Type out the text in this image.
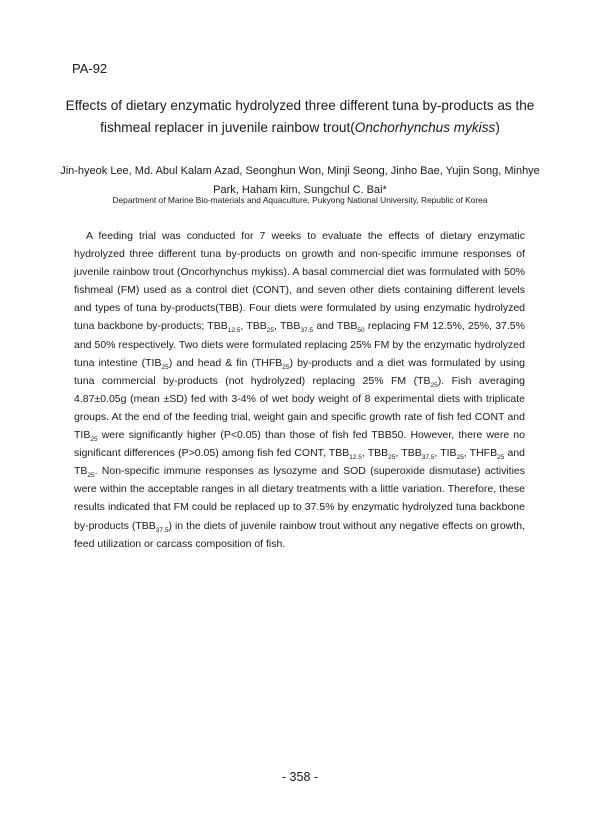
PA-92
Effects of dietary enzymatic hydrolyzed three different tuna by-products as the fishmeal replacer in juvenile rainbow trout(Onchorhynchus mykiss)
Jin-hyeok Lee, Md. Abul Kalam Azad, Seonghun Won, Minji Seong, Jinho Bae, Yujin Song, Minhye Park, Haham kim, Sungchul C. Bai*
Department of Marine Bio-materials and Aquaculture, Pukyong National University, Republic of Korea

A feeding trial was conducted for 7 weeks to evaluate the effects of dietary enzymatic hydrolyzed three different tuna by-products on growth and non-specific immune responses of juvenile rainbow trout (Oncorhynchus mykiss). A basal commercial diet was formulated with 50% fishmeal (FM) used as a control diet (CONT), and seven other diets containing different levels and types of tuna by-products(TBB). Four diets were formulated by using enzymatic hydrolyzed tuna backbone by-products; $TBB_{12.5}$, $TBB_{25}$, $TBB_{37.5}$ and $TBB_{50}$ replacing FM 12.5%, 25%, 37.5% and 50% respectively. Two diets were formulated replacing 25% FM by the enzymatic hydrolyzed tuna intestine $(TIB_{25})$ and head & fin $(THFB_{25})$ by-products and a diet was formulated by using tuna commercial by-products (not hydrolyzed) replacing 25% FM $(TB_{25})$. Fish averaging 4.87±0.05g (mean ±SD) fed with 3-4% of wet body weight of 8 experimental diets with triplicate groups. At the end of the feeding trial, weight gain and specific growth rate of fish fed CONT and $TIB_{25}$ were significantly higher (P<0.05) than those of fish fed TBB50. However, there were no significant differences (P>0.05) among fish fed CONT, $TBB_{12.5}$, $TBB_{25}$, $TBB_{37.5}$, $TIB_{25}$, $THFB_{25}$ and $TB_{25}$. Non-specific immune responses as lysozyme and SOD (superoxide dismutase) activities were within the acceptable ranges in all dietary treatments with a little variation. Therefore, these results indicated that FM could be replaced up to 37.5% by enzymatic hydrolyzed tuna backbone by-products $(TBB_{37.5})$ in the diets of juvenile rainbow trout without any negative effects on growth, feed utilization or carcass composition of fish.

- 358 -
